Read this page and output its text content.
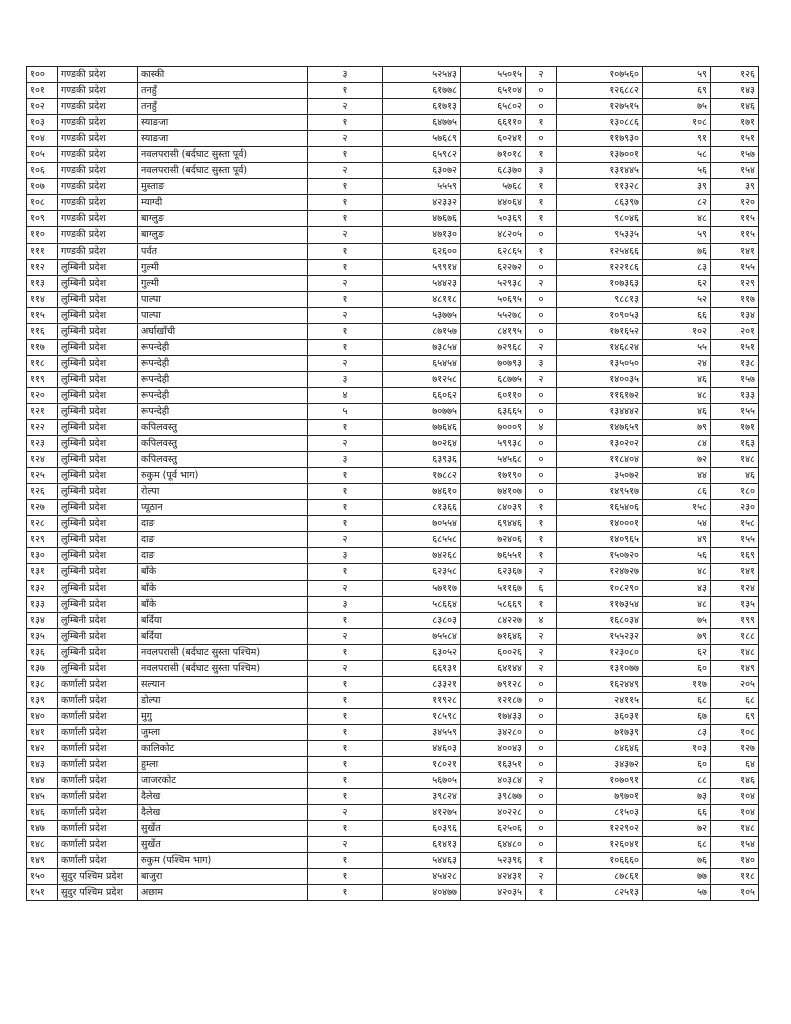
१००	गण्डकी प्रदेश	कास्की	३	५२५४३	५५०१५	२	१०७५६०	५९	१२६
१०१	गण्डकी प्रदेश	तनहुँ	१	६१७७८	६५१०४	०	१२६८८२	६९	१४३
१०२	गण्डकी प्रदेश	तनहुँ	२	६१७१३	६५८०२	०	१२७५१५	७५	१४६
१०३	गण्डकी प्रदेश	स्याङजा	१	६४७७५	६६११०	१	१३०८८६	१०८	१७१
१०४	गण्डकी प्रदेश	स्याङजा	२	५७६८९	६०२४१	०	११७९३०	९१	१५१
१०५	गण्डकी प्रदेश	नवलपरासी (बर्दघाट सुस्ता पूर्व)	१	६५९८२	७१०१८	१	१३७००१	५८	१५७
१०६	गण्डकी प्रदेश	नवलपरासी (बर्दघाट सुस्ता पूर्व)	२	६३०७२	६८३७०	३	१३१४४५	५६	१५४
१०७	गण्डकी प्रदेश	मुस्ताङ	१	५५५९	५७६८	१	११३२८	३९	३९
१०८	गण्डकी प्रदेश	म्याग्दी	१	४२३३२	४४०६४	१	८६३९७	८२	१२०
१०९	गण्डकी प्रदेश	बाग्लुङ	१	४७६७६	५०३६९	१	९८०४६	४८	११५
११०	गण्डकी प्रदेश	बाग्लुङ	२	४७१३०	४८२०५	०	९५३३५	५९	११५
१११	गण्डकी प्रदेश	पर्वत	१	६२६००	६२८६५	१	१२५४६६	७६	१४१
११२	लुम्बिनी प्रदेश	गुल्मी	१	५९९१४	६२२७२	०	१२२१८६	८३	१५५
११३	लुम्बिनी प्रदेश	गुल्मी	२	५४४२३	५२९३८	२	१०७३६३	६२	१२९
११४	लुम्बिनी प्रदेश	पाल्पा	१	४८११८	५०६९५	०	९८८१३	५२	११७
११५	लुम्बिनी प्रदेश	पाल्पा	२	५३७७५	५५२७८	०	१०९०५३	६६	१३४
११६	लुम्बिनी प्रदेश	अर्घाखाँची	१	८७१५७	८४१९५	०	१७१६५२	१०२	२०१
११७	लुम्बिनी प्रदेश	रूपन्देही	१	७३८५४	७२९६८	२	१४६८२४	५५	१५१
११८	लुम्बिनी प्रदेश	रूपन्देही	२	६५४५४	७०७९३	३	१३५०५०	२४	१३८
११९	लुम्बिनी प्रदेश	रूपन्देही	३	७१२५८	६८७७५	२	१४००३५	४६	१५७
१२०	लुम्बिनी प्रदेश	रूपन्देही	४	६६०६२	६०११०	०	११६१७२	४८	१३३
१२१	लुम्बिनी प्रदेश	रूपन्देही	५	७०७७५	६३६६५	०	१३४४४२	४६	१५५
१२२	लुम्बिनी प्रदेश	कपिलवस्तु	१	७७६४६	७०००९	४	१४७६५९	७९	१७१
१२३	लुम्बिनी प्रदेश	कपिलवस्तु	२	७०२६४	५९९३८	०	१३०२०२	८४	१६३
१२४	लुम्बिनी प्रदेश	कपिलवस्तु	३	६३९३६	५४५६८	०	११८४०४	७२	१४८
१२५	लुम्बिनी प्रदेश	रुकुम (पूर्व भाग)	१	१७८८२	१७१९०	०	३५०७२	४४	४६
१२६	लुम्बिनी प्रदेश	रोल्पा	१	७४६१०	७४१०७	०	१४९५१७	८६	१८०
१२७	लुम्बिनी प्रदेश	प्यूठान	१	८१३६६	८४०३९	१	१६५४०६	१५८	२३०
१२८	लुम्बिनी प्रदेश	दाङ	१	७०५५४	६९४४६	१	१४०००१	५४	१५८
१२९	लुम्बिनी प्रदेश	दाङ	२	६८५५८	७२४०६	१	१४०९६५	४९	१५५
१३०	लुम्बिनी प्रदेश	दाङ	३	७४२६८	७६५५१	१	१५०७२०	५६	१६९
१३१	लुम्बिनी प्रदेश	बाँके	१	६२३५८	६२३६७	२	१२४७२७	४८	१४१
१३२	लुम्बिनी प्रदेश	बाँके	२	५७११७	५११६७	६	१०८२९०	४३	१२४
१३३	लुम्बिनी प्रदेश	बाँके	३	५८६६४	५८६६९	१	११७३५४	४८	१३५
१३४	लुम्बिनी प्रदेश	बर्दिया	१	८३८०३	८४२२७	४	१६८०३४	७५	१९९
१३५	लुम्बिनी प्रदेश	बर्दिया	२	७५५८४	७१६४६	२	१५५२३२	७९	१८८
१३६	लुम्बिनी प्रदेश	नवलपरासी (बर्दघाट सुस्ता पश्चिम)	१	६३०५२	६००२६	२	१२३०८०	६२	१४८
१३७	लुम्बिनी प्रदेश	नवलपरासी (बर्दघाट सुस्ता पश्चिम)	२	६६१३१	६४१४४	२	१३१०७७	६०	१४९
१३८	कर्णाली प्रदेश	सल्यान	१	८३३२१	७९१२८	०	१६२४४९	११७	२०५
१३९	कर्णाली प्रदेश	डोल्पा	१	११९२८	१२१८७	०	२४११५	६८	६८
१४०	कर्णाली प्रदेश	मुगु	१	१८५९८	१७४३३	०	३६०३१	६७	६९
१४१	कर्णाली प्रदेश	जुम्ला	१	३४५५९	३४२८०	०	७१७३९	८३	१०८
१४२	कर्णाली प्रदेश	कालिकोट	१	४४६०३	४००४३	०	८४६४६	१०३	१२७
१४३	कर्णाली प्रदेश	हुम्ला	१	१८०२१	१६३५१	०	३४३७२	६०	६४
१४४	कर्णाली प्रदेश	जाजरकोट	१	५६७०५	४०३८४	२	१०७०९१	८८	१४६
१४५	कर्णाली प्रदेश	दैलेख	१	३९८२४	३९८७७	०	७९७०१	७३	१०४
१४६	कर्णाली प्रदेश	दैलेख	२	४१२७५	४०२२८	०	८१५०३	६६	१०४
१४७	कर्णाली प्रदेश	सुर्खेत	१	६०३९६	६२५०६	०	१२२९०२	७२	१४८
१४८	कर्णाली प्रदेश	सुर्खेत	२	६१४१३	६४४८०	०	१२६०४१	६८	१५४
१४९	कर्णाली प्रदेश	रुकुम (पश्चिम भाग)	१	५४४६३	५२३९६	१	१०६६६०	७६	१४०
१५०	सुदुर पश्चिम प्रदेश	बाजुरा	१	४५४२८	४२४३१	२	८७८६१	७७	११८
१५१	सुदुर पश्चिम प्रदेश	अछाम	१	४०४७७	४२०३५	१	८२५१३	५७	१०५
